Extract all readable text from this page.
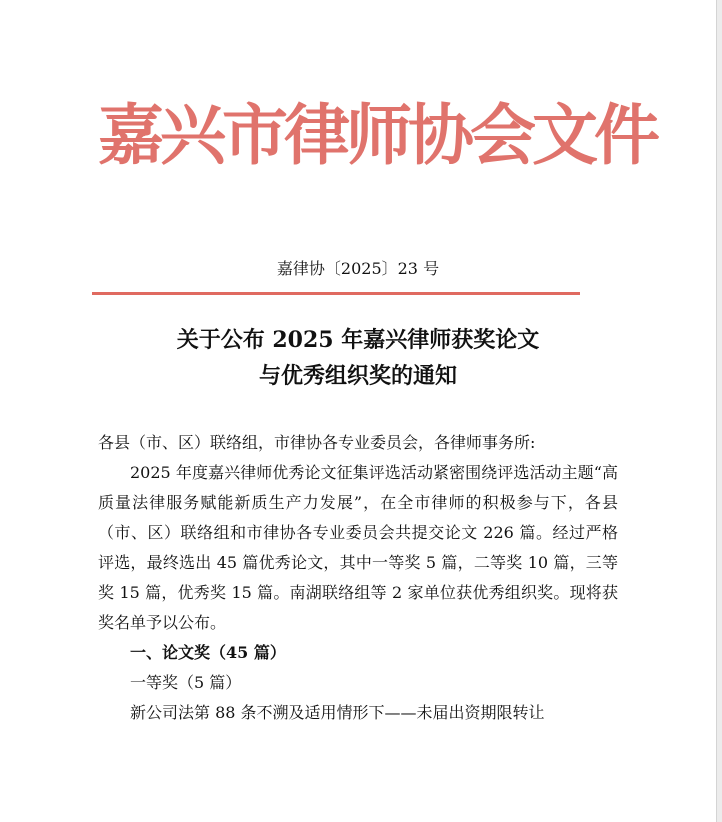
嘉兴市律师协会文件
嘉律协〔2025〕23 号
关于公布 2025 年嘉兴律师获奖论文
与优秀组织奖的通知

各县（市、区）联络组，市律协各专业委员会，各律师事务所:

2025 年度嘉兴律师优秀论文征集评选活动紧密围绕评选活动主题“高质量法律服务赋能新质生产力发展”，在全市律师的积极参与下，各县（市、区）联络组和市律协各专业委员会共提交论文 226 篇。经过严格评选，最终选出 45 篇优秀论文，其中一等奖 5 篇，二等奖 10 篇，三等奖 15 篇，优秀奖 15 篇。南湖联络组等 2 家单位获优秀组织奖。现将获奖名单予以公布。

一、论文奖（45 篇）

一等奖（5 篇）

新公司法第 88 条不溯及适用情形下——未届出资期限转让
